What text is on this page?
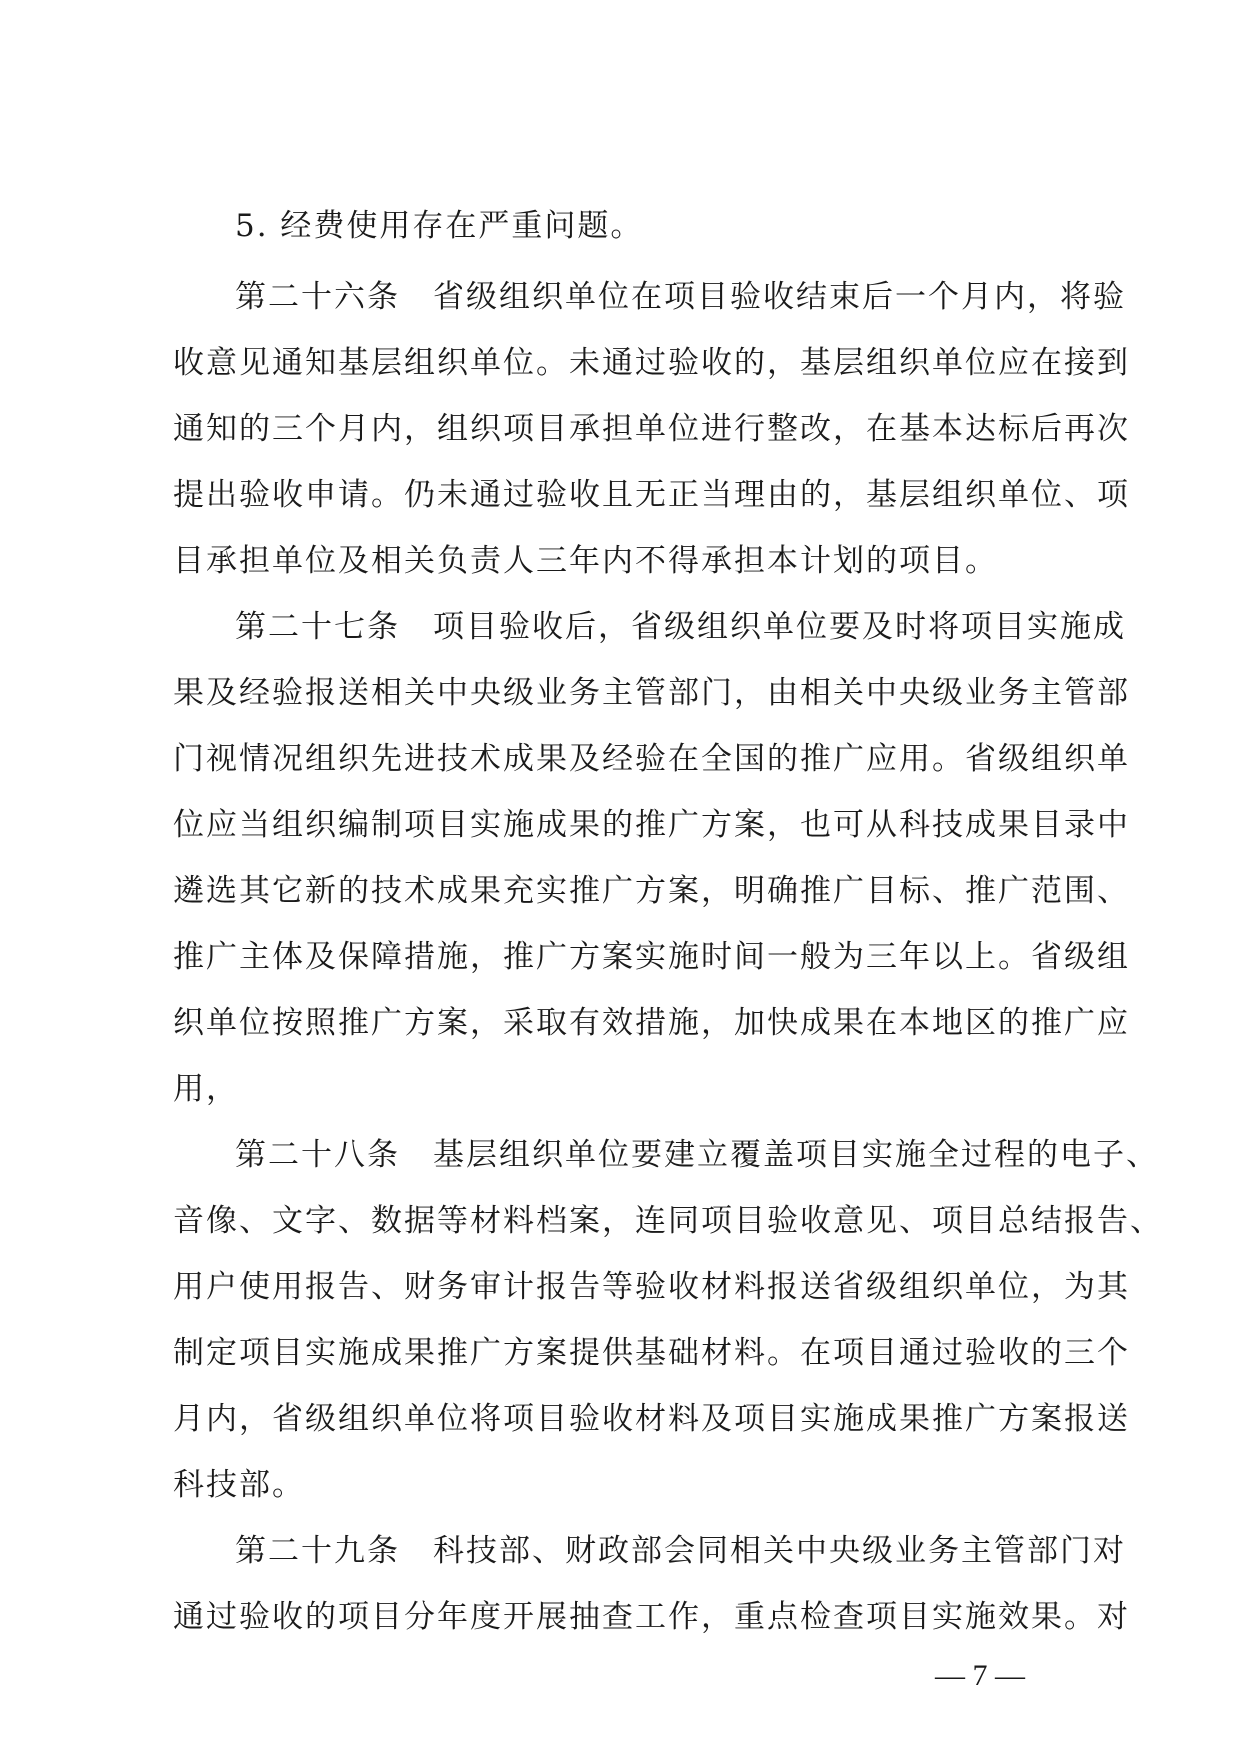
5. 经费使用存在严重问题。
第二十六条　省级组织单位在项目验收结束后一个月内，将验
收意见通知基层组织单位。未通过验收的，基层组织单位应在接到
通知的三个月内，组织项目承担单位进行整改，在基本达标后再次
提出验收申请。仍未通过验收且无正当理由的，基层组织单位、项
目承担单位及相关负责人三年内不得承担本计划的项目。
第二十七条　项目验收后，省级组织单位要及时将项目实施成
果及经验报送相关中央级业务主管部门，由相关中央级业务主管部
门视情况组织先进技术成果及经验在全国的推广应用。省级组织单
位应当组织编制项目实施成果的推广方案，也可从科技成果目录中
遴选其它新的技术成果充实推广方案，明确推广目标、推广范围、
推广主体及保障措施，推广方案实施时间一般为三年以上。省级组
织单位按照推广方案，采取有效措施，加快成果在本地区的推广应
用，
第二十八条　基层组织单位要建立覆盖项目实施全过程的电子、
音像、文字、数据等材料档案，连同项目验收意见、项目总结报告、
用户使用报告、财务审计报告等验收材料报送省级组织单位，为其
制定项目实施成果推广方案提供基础材料。在项目通过验收的三个
月内，省级组织单位将项目验收材料及项目实施成果推广方案报送
科技部。
第二十九条　科技部、财政部会同相关中央级业务主管部门对
通过验收的项目分年度开展抽查工作，重点检查项目实施效果。对
— 7 —
